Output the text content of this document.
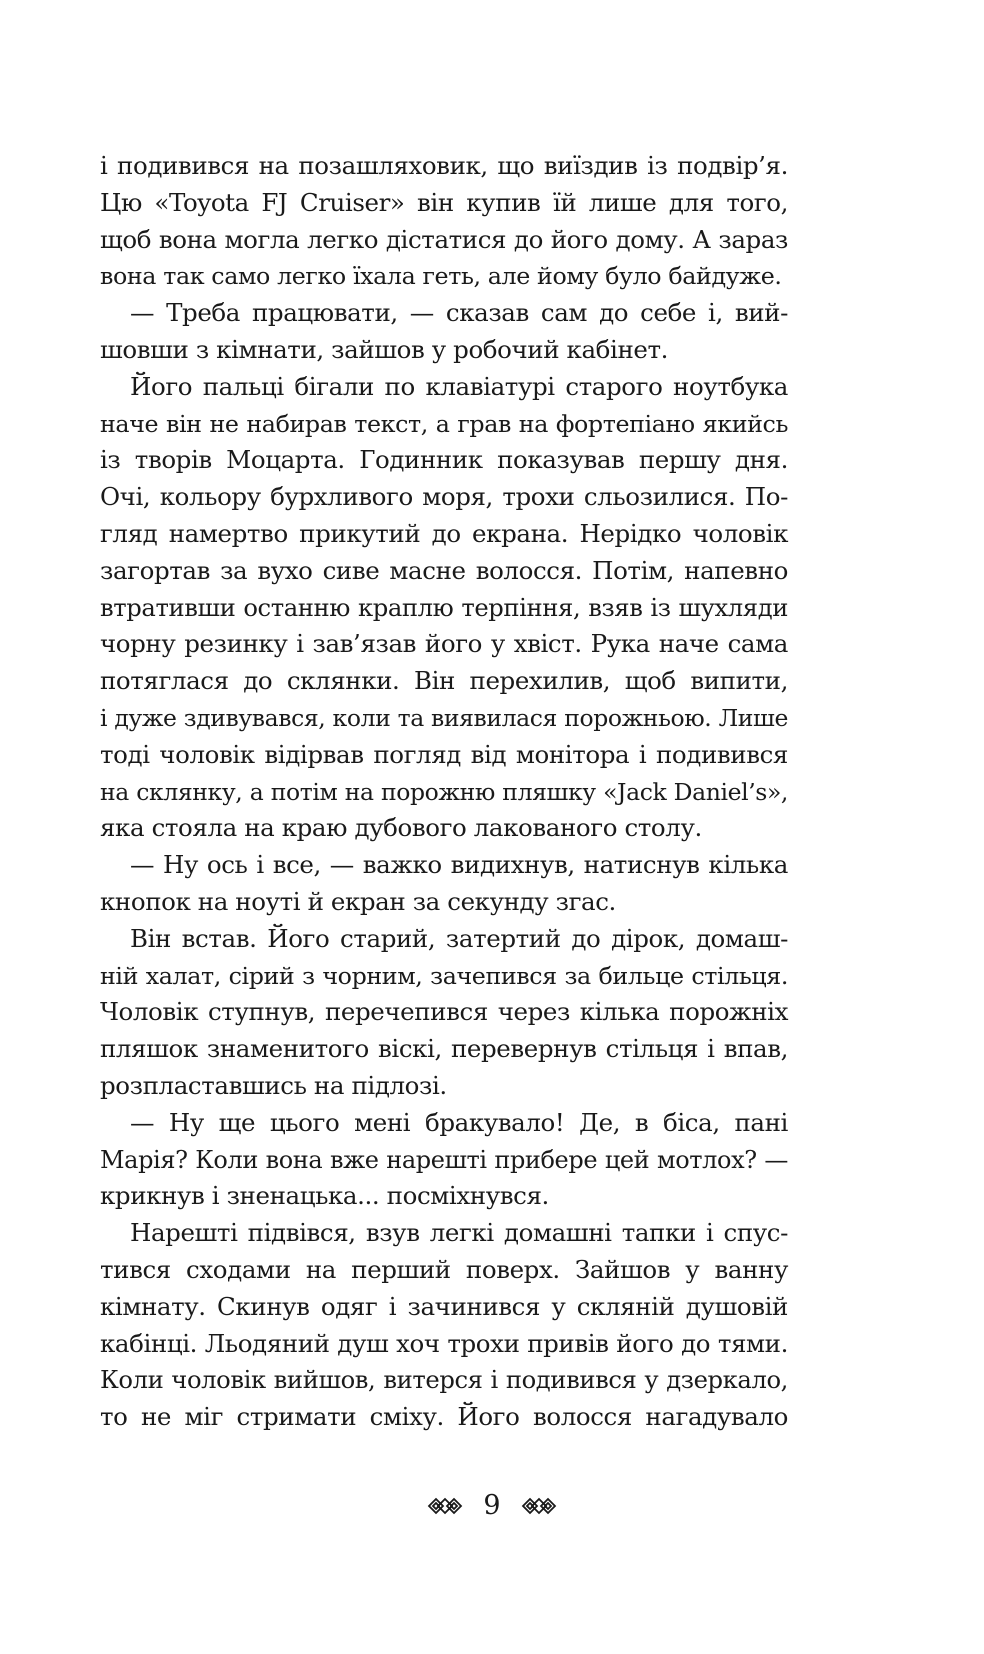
і подивився на позашляховик, що виїздив із подвір’я.
Цю «Toyota FJ Cruiser» він купив їй лише для того,
щоб вона могла легко дістатися до його дому. А зараз
вона так само легко їхала геть, але йому було байдуже.
— Треба працювати, — сказав сам до себе і, вий-
шовши з кімнати, зайшов у робочий кабінет.
Його пальці бігали по клавіатурі старого ноутбука
наче він не набирав текст, а грав на фортепіано якийсь
із творів Моцарта. Годинник показував першу дня.
Очі, кольору бурхливого моря, трохи сльозилися. По-
гляд намертво прикутий до екрана. Нерідко чоловік
загортав за вухо сиве масне волосся. Потім, напевно
втративши останню краплю терпіння, взяв із шухляди
чорну резинку і зав’язав його у хвіст. Рука наче сама
потяглася до склянки. Він перехилив, щоб випити,
і дуже здивувався, коли та виявилася порожньою. Лише
тоді чоловік відірвав погляд від монітора і подивився
на склянку, а потім на порожню пляшку «Jack Daniel’s»,
яка стояла на краю дубового лакованого столу.
— Ну ось і все, — важко видихнув, натиснув кілька
кнопок на ноуті й екран за секунду згас.
Він встав. Його старий, затертий до дірок, домаш-
ній халат, сірий з чорним, зачепився за бильце стільця.
Чоловік ступнув, перечепився через кілька порожніх
пляшок знаменитого віскі, перевернув стільця і впав,
розпластавшись на підлозі.
— Ну ще цього мені бракувало! Де, в біса, пані
Марія? Коли вона вже нарешті прибере цей мотлох? —
крикнув і зненацька... посміхнувся.
Нарешті підвівся, взув легкі домашні тапки і спус-
тився сходами на перший поверх. Зайшов у ванну
кімнату. Скинув одяг і зачинився у скляній душовій
кабінці. Льодяний душ хоч трохи привів його до тями.
Коли чоловік вийшов, витерся і подивився у дзеркало,
то не міг стримати сміху. Його волосся нагадувало
9
